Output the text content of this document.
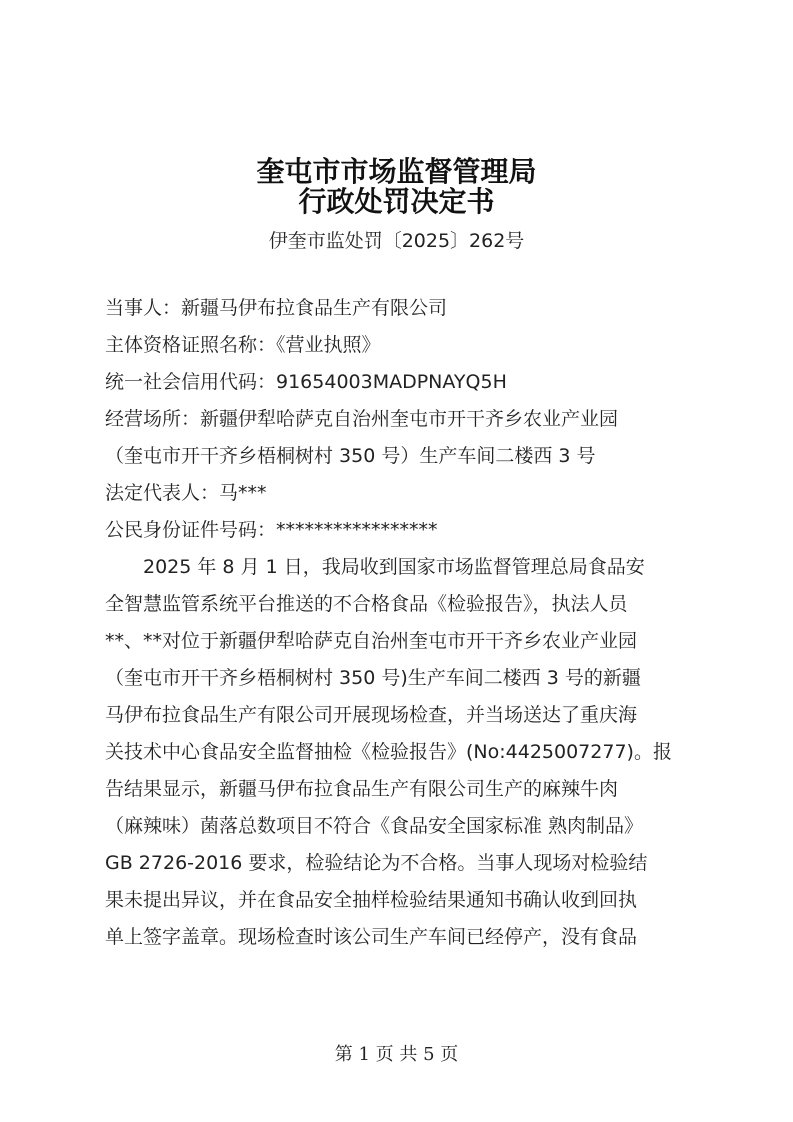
奎屯市市场监督管理局
行政处罚决定书
伊奎市监处罚〔2025〕262号
当事人：新疆马伊布拉食品生产有限公司
主体资格证照名称：《营业执照》
统一社会信用代码：91654003MADPNAYQ5H
经营场所：新疆伊犁哈萨克自治州奎屯市开干齐乡农业产业园
（奎屯市开干齐乡梧桐树村 350 号）生产车间二楼西 3 号
法定代表人：马***
公民身份证件号码：*****************
2025 年 8 月 1 日，我局收到国家市场监督管理总局食品安
全智慧监管系统平台推送的不合格食品《检验报告》，执法人员
**、**对位于新疆伊犁哈萨克自治州奎屯市开干齐乡农业产业园
（奎屯市开干齐乡梧桐树村 350 号)生产车间二楼西 3 号的新疆
马伊布拉食品生产有限公司开展现场检查，并当场送达了重庆海
关技术中心食品安全监督抽检《检验报告》(No:4425007277)。报
告结果显示，新疆马伊布拉食品生产有限公司生产的麻辣牛肉
（麻辣味）菌落总数项目不符合《食品安全国家标准 熟肉制品》
GB 2726-2016 要求，检验结论为不合格。当事人现场对检验结
果未提出异议，并在食品安全抽样检验结果通知书确认收到回执
单上签字盖章。现场检查时该公司生产车间已经停产，没有食品
第 1 页 共 5 页
